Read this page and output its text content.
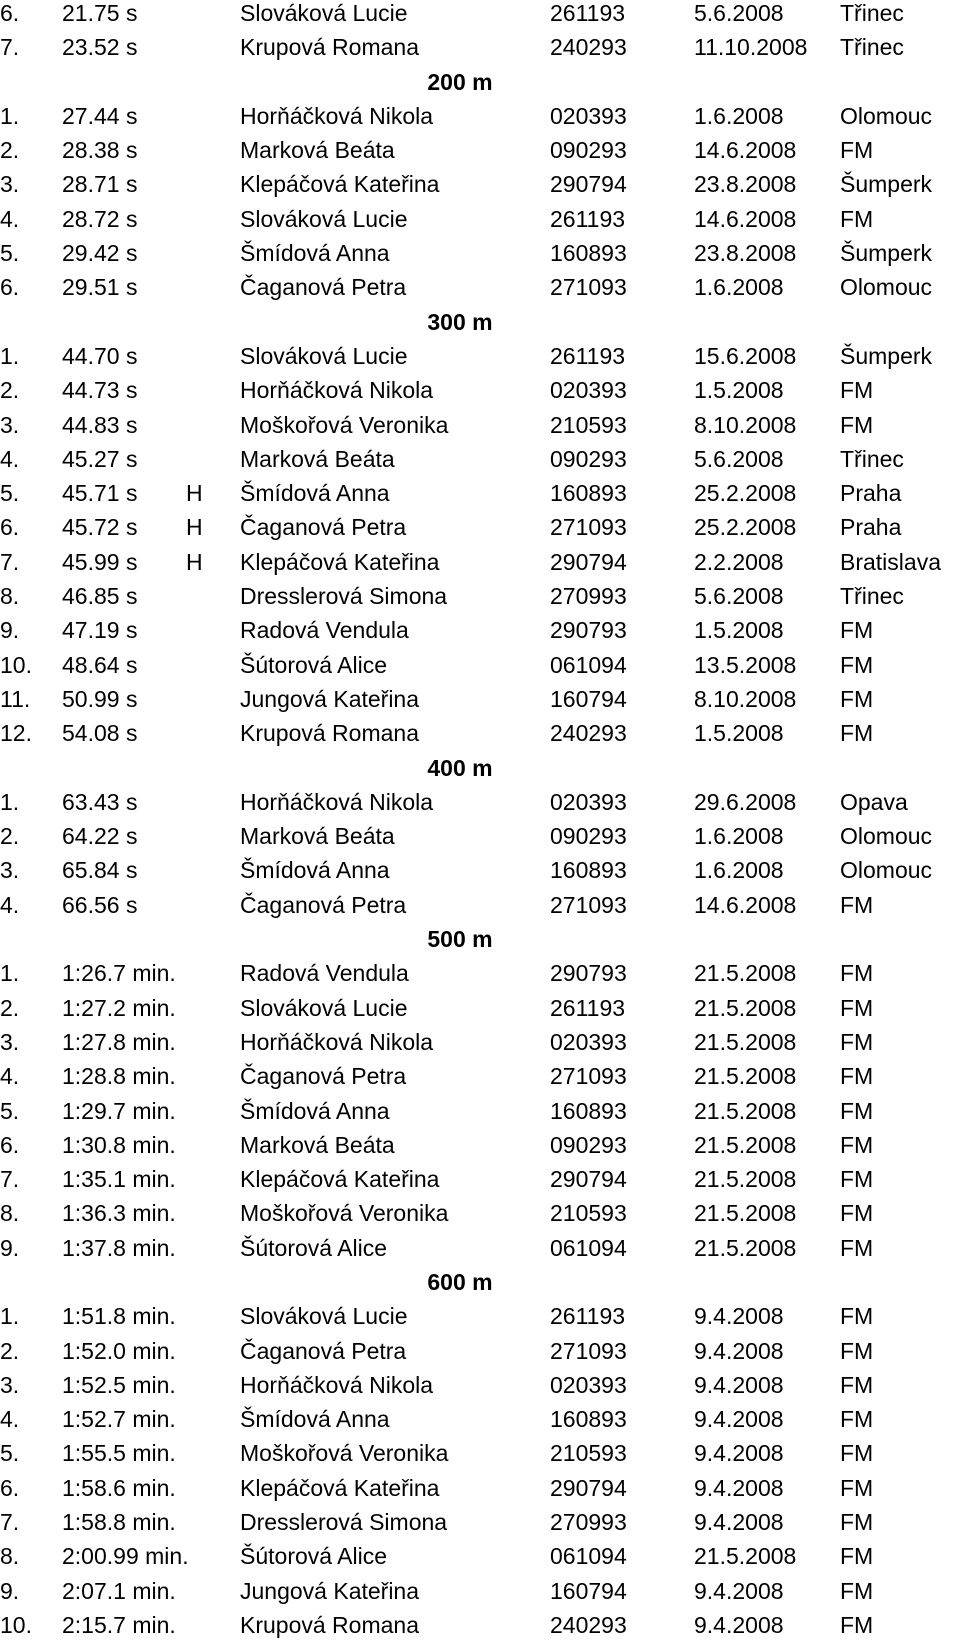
6. 21.75 s	Slováková Lucie	261193	5.6.2008 Třinec
7. 23.52 s	Krupová Romana	240293	11.10.2008 Třinec
200 m
1. 27.44 s	Horňáčková Nikola	020393	1.6.2008 Olomouc
2. 28.38 s	Marková Beáta	090293	14.6.2008 FM
3. 28.71 s	Klepáčová Kateřina	290794	23.8.2008 Šumperk
4. 28.72 s	Slováková Lucie	261193	14.6.2008 FM
5. 29.42 s	Šmídová Anna	160893	23.8.2008 Šumperk
6. 29.51 s	Čaganová Petra	271093	1.6.2008 Olomouc
300 m
1. 44.70 s	Slováková Lucie	261193	15.6.2008 Šumperk
2. 44.73 s	Horňáčková Nikola	020393	1.5.2008 FM
3. 44.83 s	Moškořová Veronika	210593	8.10.2008 FM
4. 45.27 s	Marková Beáta	090293	5.6.2008 Třinec
5. 45.71 s H Šmídová Anna	160893	25.2.2008 Praha
6. 45.72 s H Čaganová Petra	271093	25.2.2008 Praha
7. 45.99 s H Klepáčová Kateřina	290794	2.2.2008 Bratislava
8. 46.85 s	Dresslerová Simona	270993	5.6.2008 Třinec
9. 47.19 s	Radová Vendula	290793	1.5.2008 FM
10. 48.64 s	Šútorová Alice	061094	13.5.2008 FM
11. 50.99 s	Jungová Kateřina	160794	8.10.2008 FM
12. 54.08 s	Krupová Romana	240293	1.5.2008 FM
400 m
1. 63.43 s	Horňáčková Nikola	020393	29.6.2008 Opava
2. 64.22 s	Marková Beáta	090293	1.6.2008 Olomouc
3. 65.84 s	Šmídová Anna	160893	1.6.2008 Olomouc
4. 66.56 s	Čaganová Petra	271093	14.6.2008 FM
500 m
1. 1:26.7 min.	Radová Vendula	290793	21.5.2008 FM
2. 1:27.2 min.	Slováková Lucie	261193	21.5.2008 FM
3. 1:27.8 min.	Horňáčková Nikola	020393	21.5.2008 FM
4. 1:28.8 min.	Čaganová Petra	271093	21.5.2008 FM
5. 1:29.7 min.	Šmídová Anna	160893	21.5.2008 FM
6. 1:30.8 min.	Marková Beáta	090293	21.5.2008 FM
7. 1:35.1 min.	Klepáčová Kateřina	290794	21.5.2008 FM
8. 1:36.3 min.	Moškořová Veronika	210593	21.5.2008 FM
9. 1:37.8 min.	Šútorová Alice	061094	21.5.2008 FM
600 m
1. 1:51.8 min.	Slováková Lucie	261193	9.4.2008 FM
2. 1:52.0 min.	Čaganová Petra	271093	9.4.2008 FM
3. 1:52.5 min.	Horňáčková Nikola	020393	9.4.2008 FM
4. 1:52.7 min.	Šmídová Anna	160893	9.4.2008 FM
5. 1:55.5 min.	Moškořová Veronika	210593	9.4.2008 FM
6. 1:58.6 min.	Klepáčová Kateřina	290794	9.4.2008 FM
7. 1:58.8 min.	Dresslerová Simona	270993	9.4.2008 FM
8. 2:00.99 min. Šútorová Alice	061094	21.5.2008 FM
9. 2:07.1 min.	Jungová Kateřina	160794	9.4.2008 FM
10. 2:15.7 min.	Krupová Romana	240293	9.4.2008 FM
